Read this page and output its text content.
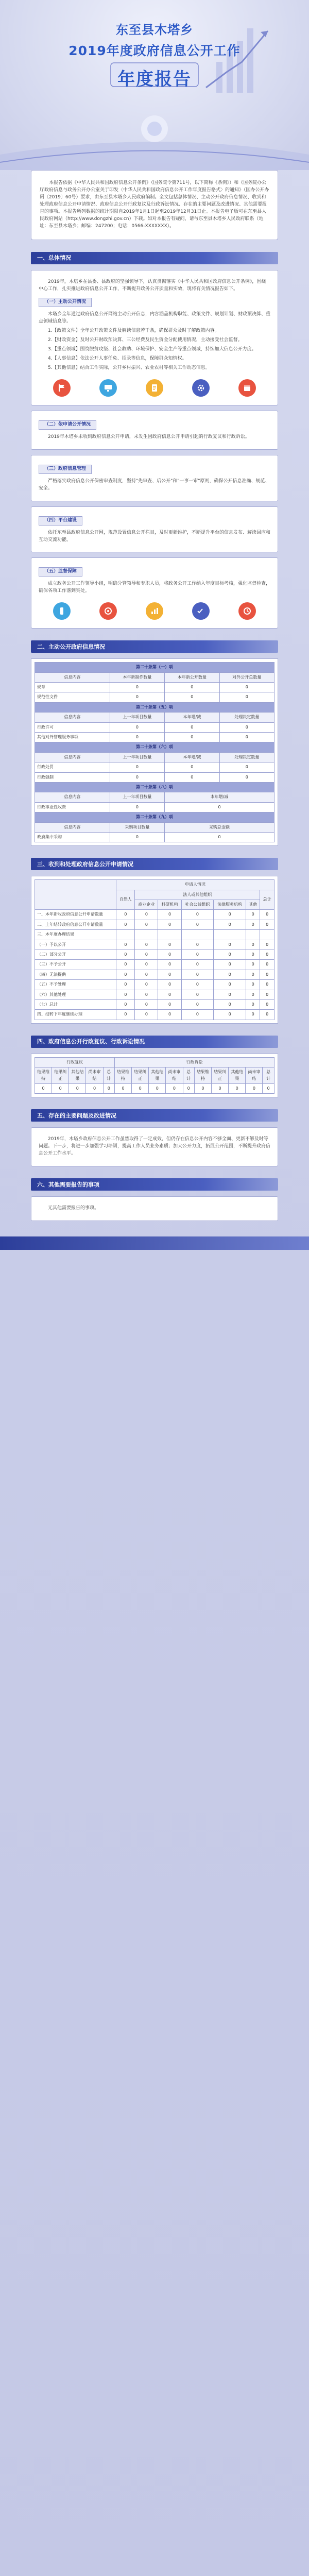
东至县木塔乡
2019年度政府信息公开工作
年度报告

本报告依据《中华人民共和国政府信息公开条例》（国务院令第711号，以下简称《条例》）和《国务院办公厅政府信息与政务公开办公室关于印发〈中华人民共和国政府信息公开工作年度报告格式〉的通知》（国办公开办函〔2019〕60号）要求，由东至县木塔乡人民政府编制。全文包括总体情况、主动公开政府信息情况、收到和处理政府信息公开申请情况、政府信息公开行政复议及行政诉讼情况、存在的主要问题及改进情况、其他需要报告的事项。本报告所列数据的统计期限自2019年1月1日起至2019年12月31日止。本报告电子版可在东至县人民政府网站（http://www.dongzhi.gov.cn）下载。如对本报告有疑问，请与东至县木塔乡人民政府联系（地址：东至县木塔乡；邮编：247200；电话：0566-XXXXXXX）。

一、总体情况

2019年，木塔乡在县委、县政府的坚强领导下，认真贯彻落实《中华人民共和国政府信息公开条例》，围绕中心工作，扎实推进政府信息公开工作，不断提升政务公开质量和实效，现将有关情况报告如下。

（一）主动公开情况

木塔乡全年通过政府信息公开网站主动公开信息，内容涵盖机构职能、政策文件、规划计划、财政预决算、重点领域信息等。

1.【政策文件】全年公开政策文件及解读信息若干条，确保群众及时了解政策内容。

2.【财政资金】及时公开财政预决算、三公经费及民生资金分配使用情况，主动接受社会监督。

3.【重点领域】围绕脱贫攻坚、社会救助、环境保护、安全生产等重点领域，持续加大信息公开力度。

4.【人事信息】依法公开人事任免、招录等信息，保障群众知情权。

5.【其他信息】结合工作实际，公开乡村振兴、农业农村等相关工作动态信息。

（二）依申请公开情况

2019年木塔乡未收到政府信息公开申请，未发生因政府信息公开申请引起的行政复议和行政诉讼。

（三）政府信息管理

严格落实政府信息公开保密审查制度，坚持"先审查、后公开"和"一事一审"原则，确保公开信息准确、规范、安全。

（四）平台建设

依托东至县政府信息公开网，规范设置信息公开栏目，及时更新维护，不断提升平台的信息发布、解读回应和互动交流功能。

（五）监督保障

成立政务公开工作领导小组，明确分管领导和专职人员，将政务公开工作纳入年度目标考核，强化监督检查，确保各项工作落到实处。

二、主动公开政府信息情况
第二十条第（一）项			
信息内容	本年新制作数量	本年新公开数量	对外公开总数量
规章	0	0	0
规范性文件	0	0	0
第二十条第（五）项			
信息内容	上一年项目数量	本年增/减	处理决定数量
行政许可	0	0	0
其他对外管理服务事项	0	0	0
第二十条第（六）项			
信息内容	上一年项目数量	本年增/减	处理决定数量
行政处罚	0	0	0
行政强制	0	0	0
第二十条第（八）项			
信息内容	上一年项目数量	本年增/减	
行政事业性收费	0	0	
第二十条第（九）项			
信息内容	采购项目数量	采购总金额	
政府集中采购	0	0	
三、收到和处理政府信息公开申请情况
	申请人情况						
	自然人	法人或其他组织					总计
		商业企业	科研机构	社会公益组织	法律服务机构	其他	
一、本年新收政府信息公开申请数量	0	0	0	0	0	0	0
二、上年结转政府信息公开申请数量	0	0	0	0	0	0	0
三、本年度办理结果							
（一）予以公开	0	0	0	0	0	0	0
（二）部分公开	0	0	0	0	0	0	0
（三）不予公开	0	0	0	0	0	0	0
（四）无法提供	0	0	0	0	0	0	0
（五）不予处理	0	0	0	0	0	0	0
（六）其他处理	0	0	0	0	0	0	0
（七）总计	0	0	0	0	0	0	0
四、结转下年度继续办理	0	0	0	0	0	0	0
四、政府信息公开行政复议、行政诉讼情况
行政复议					行政诉讼									
结果维持	结果纠正	其他结果	尚未审结	总计	结果维持	结果纠正	其他结果	尚未审结	总计	结果维持	结果纠正	其他结果	尚未审结	总计
0	0	0	0	0	0	0	0	0	0	0	0	0	0	0
五、存在的主要问题及改进情况

2019年，木塔乡政府信息公开工作虽然取得了一定成效，但仍存在信息公开内容不够全面、更新不够及时等问题。下一步，将进一步加强学习培训，提高工作人员业务素质；加大公开力度，拓展公开范围，不断提升政府信息公开工作水平。

六、其他需要报告的事项

无其他需要报告的事项。
